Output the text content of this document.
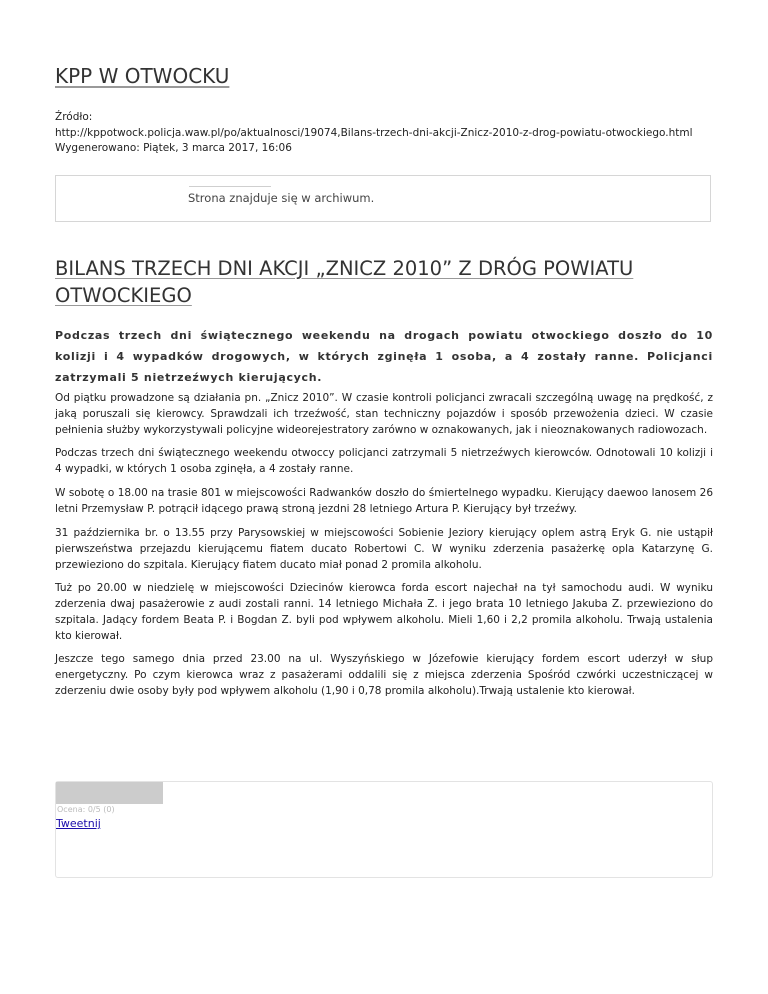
KPP W OTWOCKU
Źródło:
http://kppotwock.policja.waw.pl/po/aktualnosci/19074,Bilans-trzech-dni-akcji-Znicz-2010-z-drog-powiatu-otwockiego.html
Wygenerowano: Piątek, 3 marca 2017, 16:06
Strona znajduje się w archiwum.
BILANS TRZECH DNI AKCJI „ZNICZ 2010” Z DRÓG POWIATU OTWOCKIEGO

Podczas trzech dni świątecznego weekendu na drogach powiatu otwockiego doszło do 10 kolizji i 4 wypadków drogowych, w których zginęła 1 osoba, a 4 zostały ranne. Policjanci zatrzymali 5 nietrzeźwych kierujących.

Od piątku prowadzone są działania pn. „Znicz 2010”. W czasie kontroli policjanci zwracali szczególną uwagę na prędkość, z jaką poruszali się kierowcy. Sprawdzali ich trzeźwość, stan techniczny pojazdów i sposób przewożenia dzieci. W czasie pełnienia służby wykorzystywali policyjne wideorejestratory zarówno w oznakowanych, jak i nieoznakowanych radiowozach.

Podczas trzech dni świątecznego weekendu otwoccy policjanci zatrzymali 5 nietrzeźwych kierowców. Odnotowali 10 kolizji i 4 wypadki, w których 1 osoba zginęła, a 4 zostały ranne.

W sobotę o 18.00 na trasie 801 w miejscowości Radwanków doszło do śmiertelnego wypadku. Kierujący daewoo lanosem 26 letni Przemysław P. potrącił idącego prawą stroną jezdni 28 letniego Artura P. Kierujący był trzeźwy.

31 października br. o 13.55 przy Parysowskiej w miejscowości Sobienie Jeziory kierujący oplem astrą Eryk G. nie ustąpił pierwszeństwa przejazdu kierującemu fiatem ducato Robertowi C. W wyniku zderzenia pasażerkę opla Katarzynę G. przewieziono do szpitala. Kierujący fiatem ducato miał ponad 2 promila alkoholu.

Tuż po 20.00 w niedzielę w miejscowości Dziecinów kierowca forda escort najechał na tył samochodu audi. W wyniku zderzenia dwaj pasażerowie z audi zostali ranni. 14 letniego Michała Z. i jego brata 10 letniego Jakuba Z. przewieziono do szpitala. Jadący fordem Beata P. i Bogdan Z. byli pod wpływem alkoholu. Mieli 1,60 i 2,2 promila alkoholu. Trwają ustalenia kto kierował.

Jeszcze tego samego dnia przed 23.00 na ul. Wyszyńskiego w Józefowie kierujący fordem escort uderzył w słup energetyczny. Po czym kierowca wraz z pasażerami oddalili się z miejsca zderzenia Spośród czwórki uczestniczącej w zderzeniu dwie osoby były pod wpływem alkoholu (1,90 i 0,78 promila alkoholu).Trwają ustalenie kto kierował.

Ocena: 0/5 (0)
Tweetnij
